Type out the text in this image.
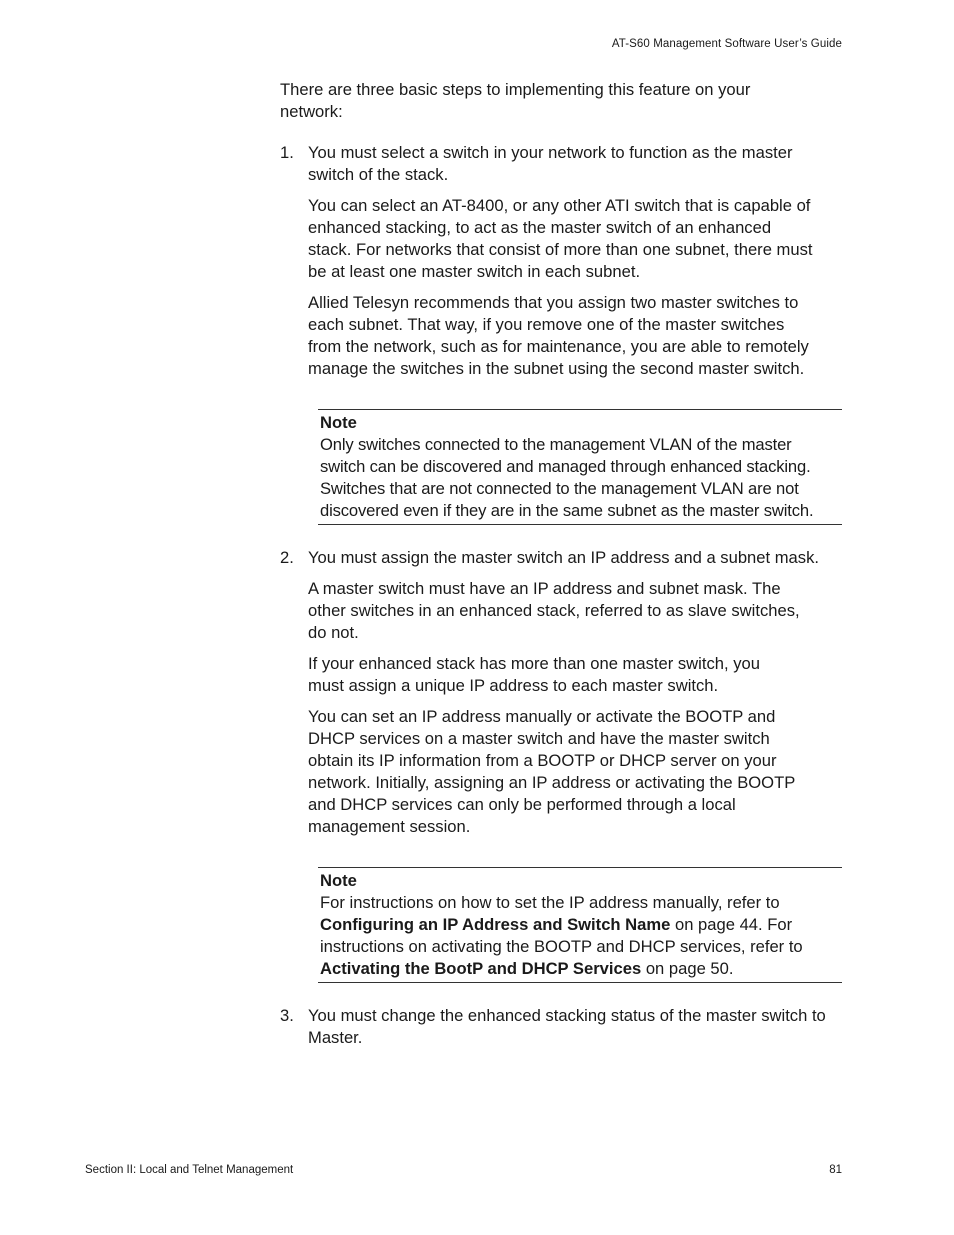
AT-S60 Management Software User’s Guide

There are three basic steps to implementing this feature on your network:

1. You must select a switch in your network to function as the master switch of the stack.

You can select an AT-8400, or any other ATI switch that is capable of enhanced stacking, to act as the master switch of an enhanced stack. For networks that consist of more than one subnet, there must be at least one master switch in each subnet.

Allied Telesyn recommends that you assign two master switches to each subnet. That way, if you remove one of the master switches from the network, such as for maintenance, you are able to remotely manage the switches in the subnet using the second master switch.

Note
Only switches connected to the management VLAN of the master switch can be discovered and managed through enhanced stacking. Switches that are not connected to the management VLAN are not discovered even if they are in the same subnet as the master switch.
2. You must assign the master switch an IP address and a subnet mask.

A master switch must have an IP address and subnet mask. The other switches in an enhanced stack, referred to as slave switches, do not.

If your enhanced stack has more than one master switch, you must assign a unique IP address to each master switch.

You can set an IP address manually or activate the BOOTP and DHCP services on a master switch and have the master switch obtain its IP information from a BOOTP or DHCP server on your network. Initially, assigning an IP address or activating the BOOTP and DHCP services can only be performed through a local management session.

Note
For instructions on how to set the IP address manually, refer to Configuring an IP Address and Switch Name on page 44. For instructions on activating the BOOTP and DHCP services, refer to Activating the BootP and DHCP Services on page 50.
3. You must change the enhanced stacking status of the master switch to Master.
Section II: Local and Telnet Management	81
